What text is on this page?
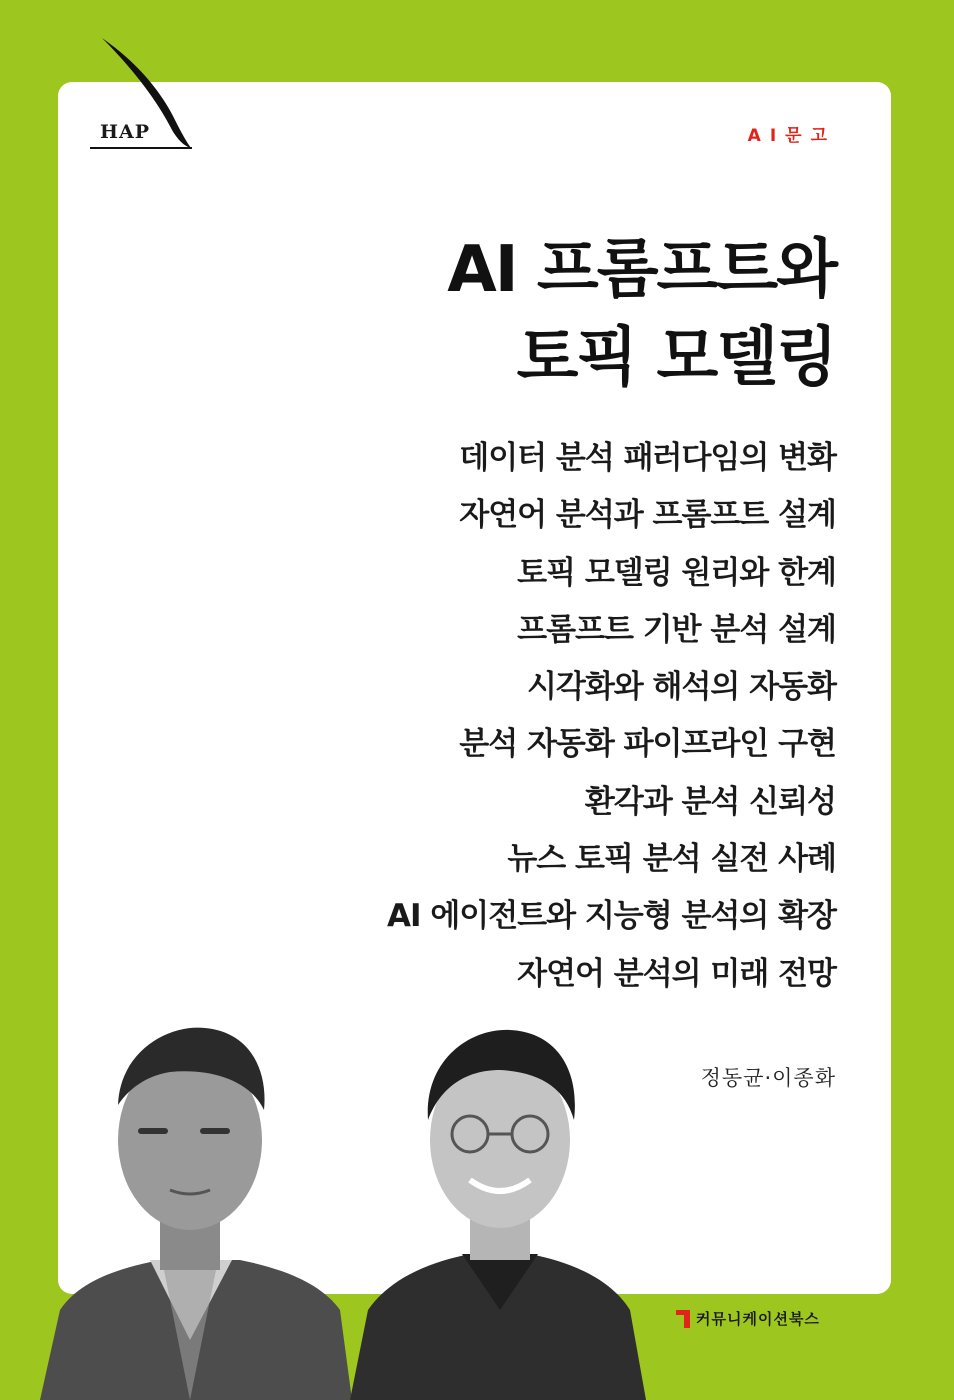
HAP	AI문고
AI 프롬프트와
토픽 모델링
데이터 분석 패러다임의 변화
자연어 분석과 프롬프트 설계
토픽 모델링 원리와 한계
프롬프트 기반 분석 설계
시각화와 해석의 자동화
분석 자동화 파이프라인 구현
환각과 분석 신뢰성
뉴스 토픽 분석 실전 사례
AI 에이전트와 지능형 분석의 확장
자연어 분석의 미래 전망
정동균·이종화
커뮤니케이션북스
